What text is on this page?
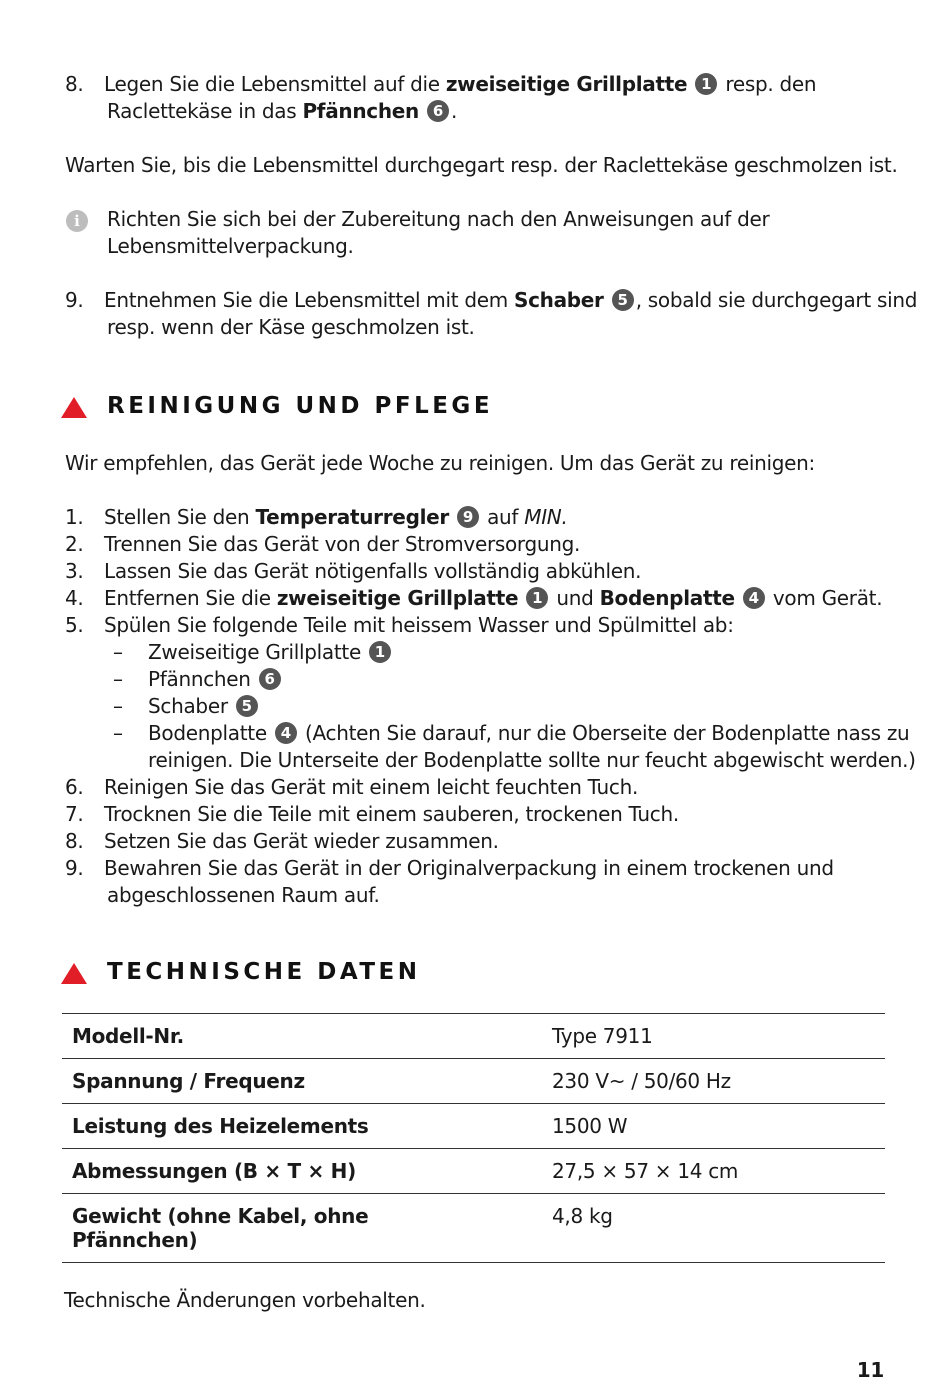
8.	Legen Sie die Lebensmittel auf die zweiseitige Grillplatte 1 resp. den
Raclettekäse in das Pfännchen 6 .
Warten Sie, bis die Lebensmittel durchgegart resp. der Raclettekäse geschmolzen ist.
i	Richten Sie sich bei der Zubereitung nach den Anweisungen auf der
Lebensmittelverpackung.
9.	Entnehmen Sie die Lebensmittel mit dem Schaber 5 , sobald sie durchgegart sind
resp. wenn der Käse geschmolzen ist.
REINIGUNG UND PFLEGE
Wir empfehlen, das Gerät jede Woche zu reinigen. Um das Gerät zu reinigen:
1.	Stellen Sie den Temperaturregler 9 auf MIN.
2.	Trennen Sie das Gerät von der Stromversorgung.
3.	Lassen Sie das Gerät nötigenfalls vollständig abkühlen.
4.	Entfernen Sie die zweiseitige Grillplatte 1 und Bodenplatte 4 vom Gerät.
5.	Spülen Sie folgende Teile mit heissem Wasser und Spülmittel ab:
– Zweiseitige Grillplatte 1
– Pfännchen 6
– Schaber 5
– Bodenplatte 4 (Achten Sie darauf, nur die Oberseite der Bodenplatte nass zu
reinigen. Die Unterseite der Bodenplatte sollte nur feucht abgewischt werden.)
6.	Reinigen Sie das Gerät mit einem leicht feuchten Tuch.
7.	Trocknen Sie die Teile mit einem sauberen, trockenen Tuch.
8.	Setzen Sie das Gerät wieder zusammen.
9.	Bewahren Sie das Gerät in der Originalverpackung in einem trockenen und
abgeschlossenen Raum auf.
TECHNISCHE DATEN
Modell-Nr.	Type 7911
Spannung / Frequenz	230 V~ / 50/60 Hz
Leistung des Heizelements	1500 W
Abmessungen (B × T × H)	27,5 × 57 × 14 cm
Gewicht (ohne Kabel, ohne Pfännchen)	4,8 kg
Technische Änderungen vorbehalten.
11
